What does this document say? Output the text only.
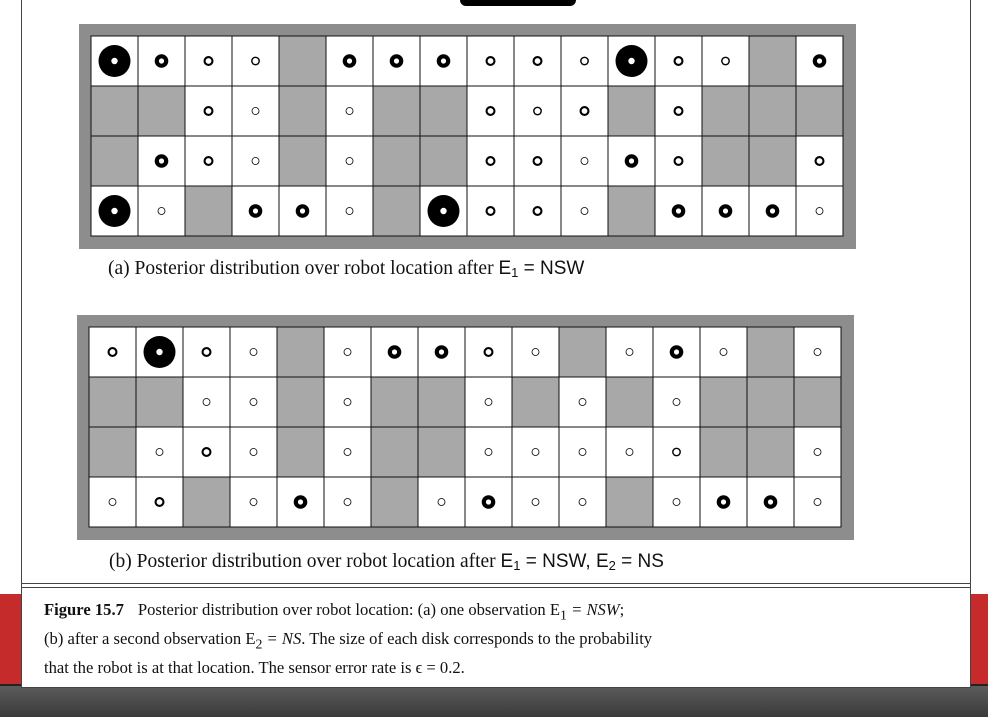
(a) Posterior distribution over robot location after $E_1$ = NSW
(b) Posterior distribution over robot location after $E_1$ = NSW, $E_2$ = NS
Figure 15.7 Posterior distribution over robot location: (a) one observation $E_1$ = NSW;
(b) after a second observation $E_2$ = NS. The size of each disk corresponds to the probability
that the robot is at that location. The sensor error rate is ϵ = 0.2.
